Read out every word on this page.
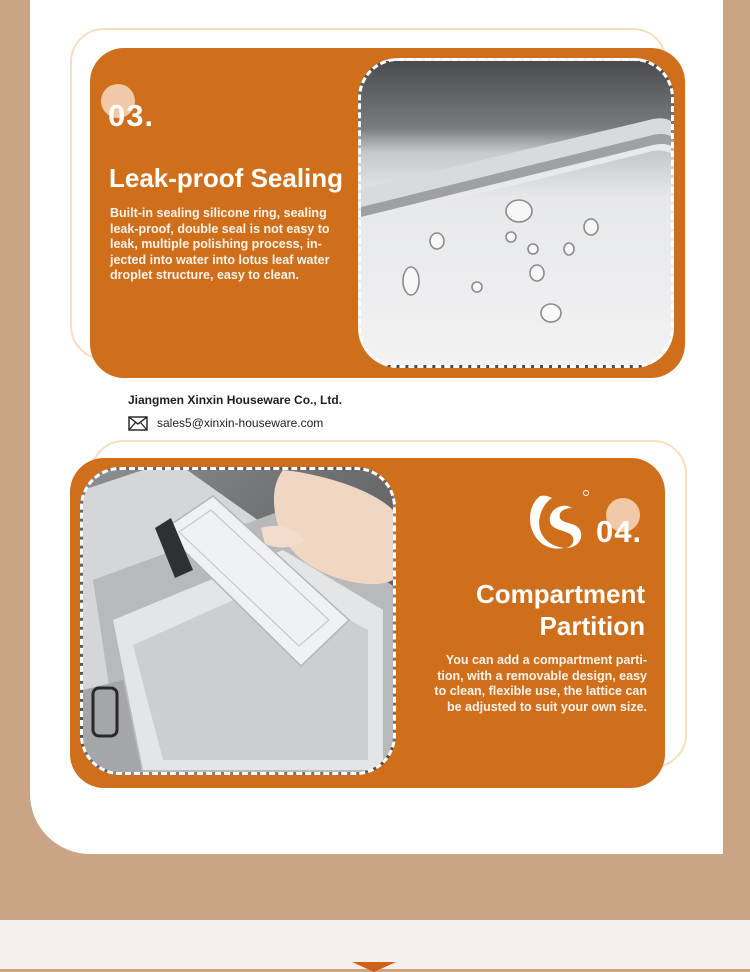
03.
Leak-proof Sealing
Built-in sealing silicone ring, sealing
leak-proof, double seal is not easy to
leak, multiple polishing process, in-
jected into water into lotus leaf water
droplet structure, easy to clean.
Jiangmen Xinxin Houseware Co., Ltd.
sales5@xinxin-houseware.com
04.
Compartment
Partition
You can add a compartment parti-
tion, with a removable design, easy
to clean, flexible use, the lattice can
be adjusted to suit your own size.
